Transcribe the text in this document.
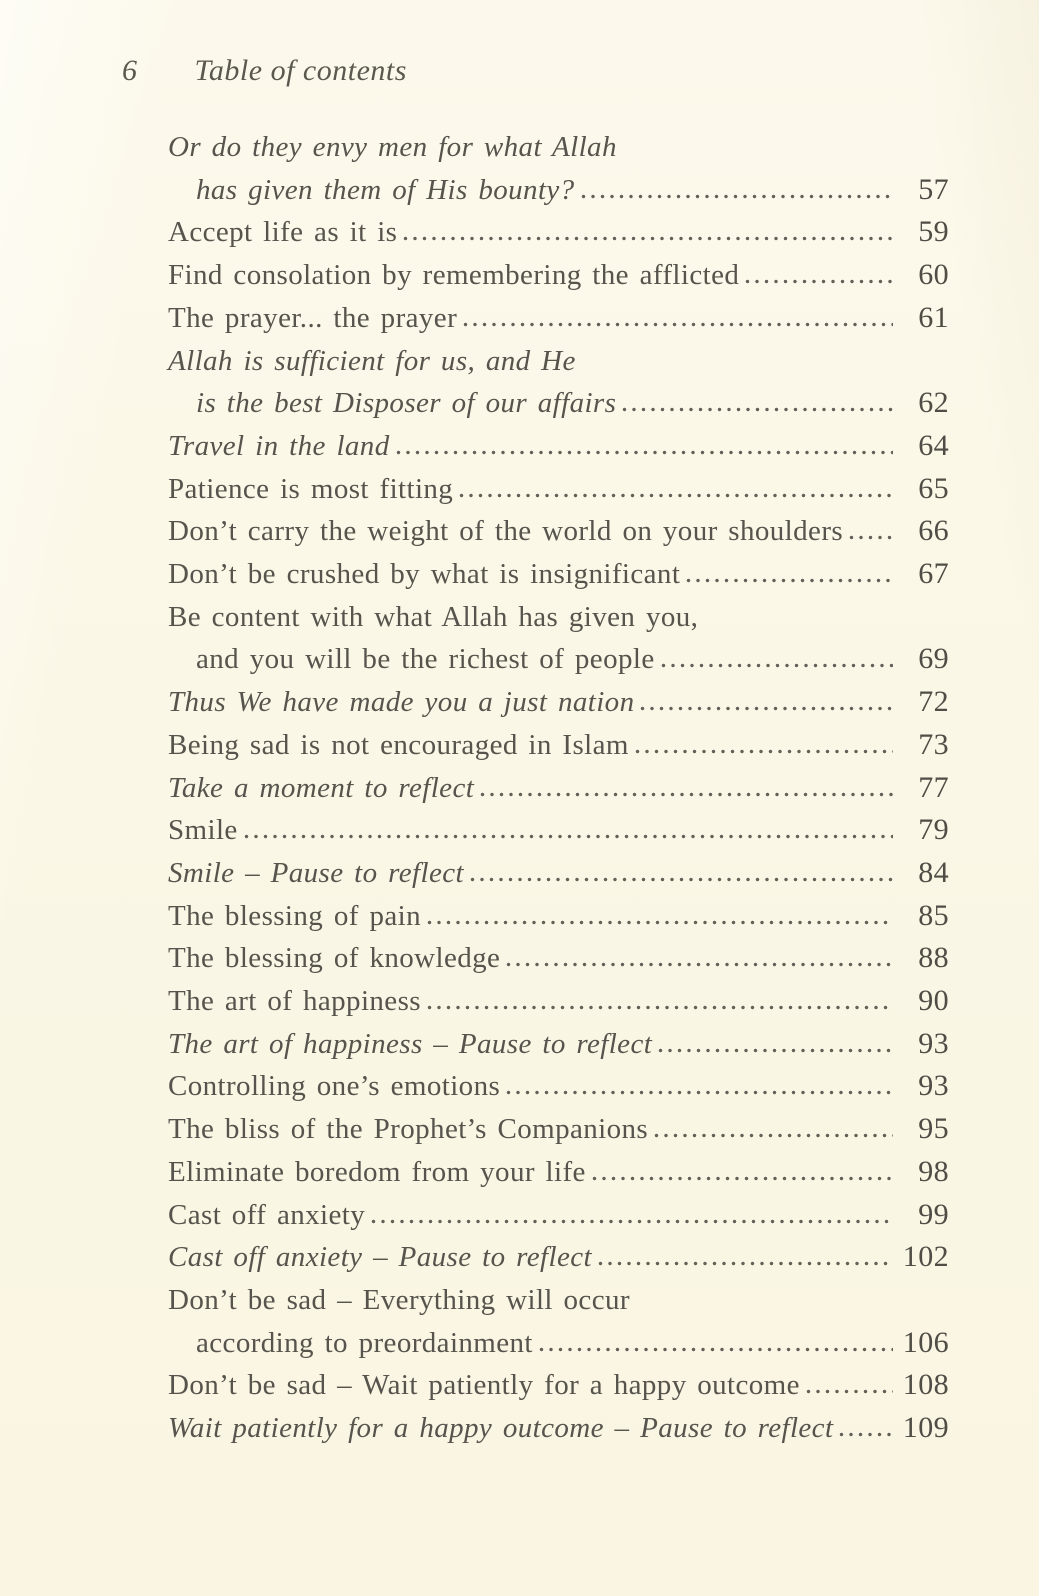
6 Table of contents
Or do they envy men for what Allah
has given them of His bounty?	57
Accept life as it is	59
Find consolation by remembering the afflicted	60
The prayer... the prayer	61
Allah is sufficient for us, and He
is the best Disposer of our affairs	62
Travel in the land	64
Patience is most fitting	65
Don’t carry the weight of the world on your shoulders	66
Don’t be crushed by what is insignificant	67
Be content with what Allah has given you,
and you will be the richest of people	69
Thus We have made you a just nation	72
Being sad is not encouraged in Islam	73
Take a moment to reflect	77
Smile	79
Smile – Pause to reflect	84
The blessing of pain	85
The blessing of knowledge	88
The art of happiness	90
The art of happiness – Pause to reflect	93
Controlling one’s emotions	93
The bliss of the Prophet’s Companions	95
Eliminate boredom from your life	98
Cast off anxiety	99
Cast off anxiety – Pause to reflect	102
Don’t be sad – Everything will occur
according to preordainment	106
Don’t be sad – Wait patiently for a happy outcome	108
Wait patiently for a happy outcome – Pause to reflect 109
